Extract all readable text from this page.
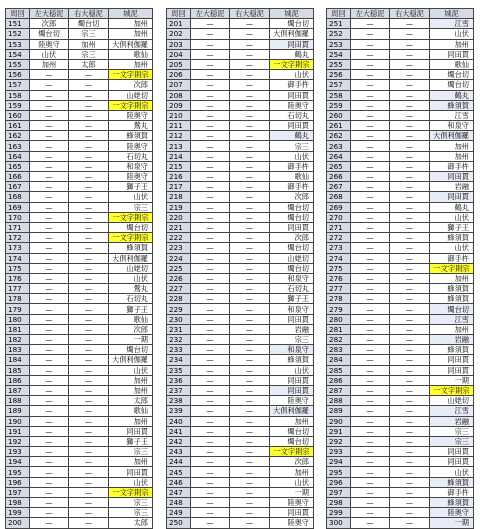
周回	左大穏泥	右大穏泥	城泥
151	次郎	燭台切	加州
152	燭台切	宗三	加州
153	陸奥守	加州	大倶利伽羅
154	山伏	宗三	歌仙
155	加州	太郎	加州
156	—	—	一文字則宗
157	—	—	次郎
158	—	—	山姥切
159	—	—	一文字則宗
160	—	—	陸奥守
161	—	—	鶯丸
162	—	—	蜂須賀
163	—	—	陸奥守
164	—	—	石切丸
165	—	—	和泉守
166	—	—	陸奥守
167	—	—	獅子王
168	—	—	山伏
169	—	—	宗三
170	—	—	一文字則宗
171	—	—	燭台切
172	—	—	一文字則宗
173	—	—	蜂須賀
174	—	—	大倶利伽羅
175	—	—	山姥切
176	—	—	山伏
177	—	—	鶯丸
178	—	—	石切丸
179	—	—	獅子王
180	—	—	歌仙
181	—	—	次郎
182	—	—	一期
183	—	—	燭台切
184	—	—	大倶利伽羅
185	—	—	山伏
186	—	—	加州
187	—	—	加州
188	—	—	太郎
189	—	—	歌仙
190	—	—	加州
191	—	—	同田貫
192	—	—	獅子王
193	—	—	宗三
194	—	—	加州
195	—	—	同田貫
196	—	—	山伏
197	—	—	一文字則宗
198	—	—	宗三
199	—	—	宗三
200	—	—	太郎
周回	左大穏泥	右大穏泥	城泥
201	—	—	燭台切
202	—	—	大倶利伽羅
203	—	—	同田貫
204	—	—	鶴丸
205	—	—	一文字則宗
206	—	—	山伏
207	—	—	御手杵
208	—	—	同田貫
209	—	—	陸奥守
210	—	—	石切丸
211	—	—	同田貫
212	—	—	鶴丸
213	—	—	宗三
214	—	—	山伏
215	—	—	御手杵
216	—	—	歌仙
217	—	—	御手杵
218	—	—	次郎
219	—	—	燭台切
220	—	—	燭台切
221	—	—	同田貫
222	—	—	次郎
223	—	—	燭台切
224	—	—	山姥切
225	—	—	燭台切
226	—	—	和泉守
227	—	—	石切丸
228	—	—	獅子王
229	—	—	和泉守
230	—	—	同田貫
231	—	—	岩融
232	—	—	宗三
233	—	—	和泉守
234	—	—	蜂須賀
235	—	—	山伏
236	—	—	同田貫
237	—	—	同田貫
238	—	—	陸奥守
239	—	—	大倶利伽羅
240	—	—	加州
241	—	—	燭台切
242	—	—	燭台切
243	—	—	一文字則宗
244	—	—	次郎
245	—	—	加州
246	—	—	山伏
247	—	—	一期
248	—	—	陸奥守
249	—	—	同田貫
250	—	—	陸奥守
周回	左大穏泥	右大穏泥	城泥
251	—	—	江雪
252	—	—	山伏
253	—	—	加州
254	—	—	同田貫
255	—	—	歌仙
256	—	—	燭台切
257	—	—	燭台切
258	—	—	鶴丸
259	—	—	蜂須賀
260	—	—	江雪
261	—	—	和泉守
262	—	—	大倶利伽羅
263	—	—	加州
264	—	—	加州
265	—	—	御手杵
266	—	—	同田貫
267	—	—	岩融
268	—	—	同田貫
269	—	—	鶴丸
270	—	—	山伏
271	—	—	獅子王
272	—	—	蜂須賀
273	—	—	山伏
274	—	—	御手杵
275	—	—	一文字則宗
276	—	—	加州
277	—	—	蜂須賀
278	—	—	蜂須賀
279	—	—	燭台切
280	—	—	江雪
281	—	—	加州
282	—	—	岩融
283	—	—	蜂須賀
284	—	—	同田貫
285	—	—	同田貫
286	—	—	一期
287	—	—	一文字則宗
288	—	—	山姥切
289	—	—	江雪
290	—	—	岩融
291	—	—	宗三
292	—	—	宗三
293	—	—	同田貫
294	—	—	同田貫
295	—	—	山伏
296	—	—	蜂須賀
297	—	—	御手杵
298	—	—	蜂須賀
299	—	—	陸奥守
300	—	—	一期
